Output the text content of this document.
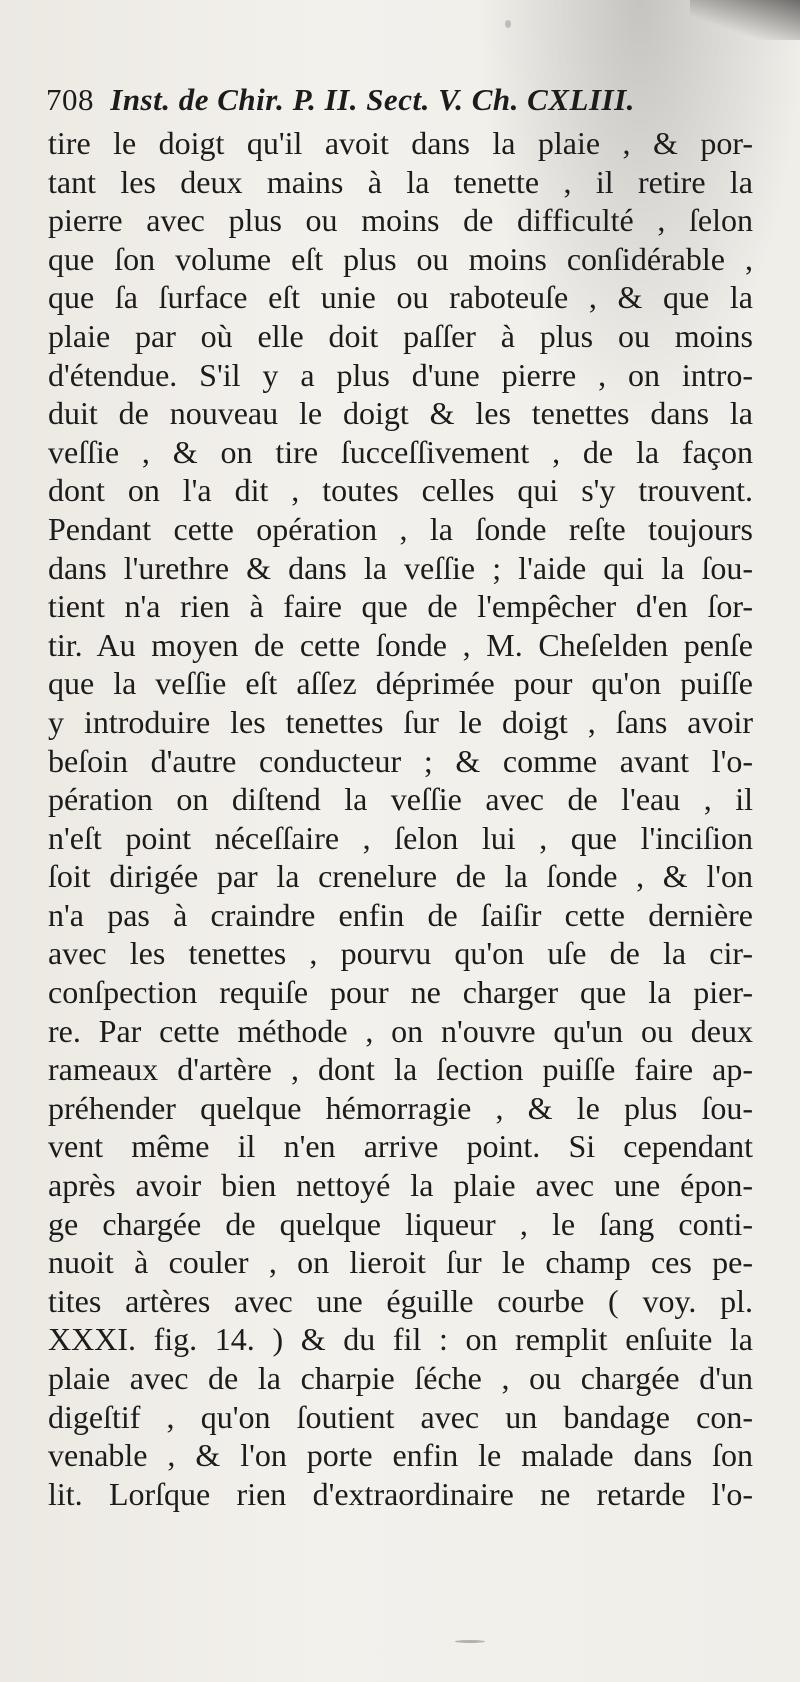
708 Inst. de Chir. P. II. Sect. V. Ch. CXLIII.
tire le doigt qu'il avoit dans la plaie , & por-
tant les deux mains à la tenette , il retire la
pierre avec plus ou moins de difficulté , ſelon
que ſon volume eſt plus ou moins conſidérable ,
que ſa ſurface eſt unie ou raboteuſe , & que la
plaie par où elle doit paſſer à plus ou moins
d'étendue. S'il y a plus d'une pierre , on intro-
duit de nouveau le doigt & les tenettes dans la
veſſie , & on tire ſucceſſivement , de la façon
dont on l'a dit , toutes celles qui s'y trouvent.
Pendant cette opération , la ſonde reſte toujours
dans l'urethre & dans la veſſie ; l'aide qui la ſou-
tient n'a rien à faire que de l'empêcher d'en ſor-
tir. Au moyen de cette ſonde , M. Cheſelden penſe
que la veſſie eſt aſſez déprimée pour qu'on puiſſe
y introduire les tenettes ſur le doigt , ſans avoir
beſoin d'autre conducteur ; & comme avant l'o-
pération on diſtend la veſſie avec de l'eau , il
n'eſt point néceſſaire , ſelon lui , que l'inciſion
ſoit dirigée par la crenelure de la ſonde , & l'on
n'a pas à craindre enfin de ſaiſir cette dernière
avec les tenettes , pourvu qu'on uſe de la cir-
conſpection requiſe pour ne charger que la pier-
re. Par cette méthode , on n'ouvre qu'un ou deux
rameaux d'artère , dont la ſection puiſſe faire ap-
préhender quelque hémorragie , & le plus ſou-
vent même il n'en arrive point. Si cependant
après avoir bien nettoyé la plaie avec une épon-
ge chargée de quelque liqueur , le ſang conti-
nuoit à couler , on lieroit ſur le champ ces pe-
tites artères avec une éguille courbe ( voy. pl.
XXXI. fig. 14. ) & du fil : on remplit enſuite la
plaie avec de la charpie ſéche , ou chargée d'un
digeſtif , qu'on ſoutient avec un bandage con-
venable , & l'on porte enfin le malade dans ſon
lit. Lorſque rien d'extraordinaire ne retarde l'o-
